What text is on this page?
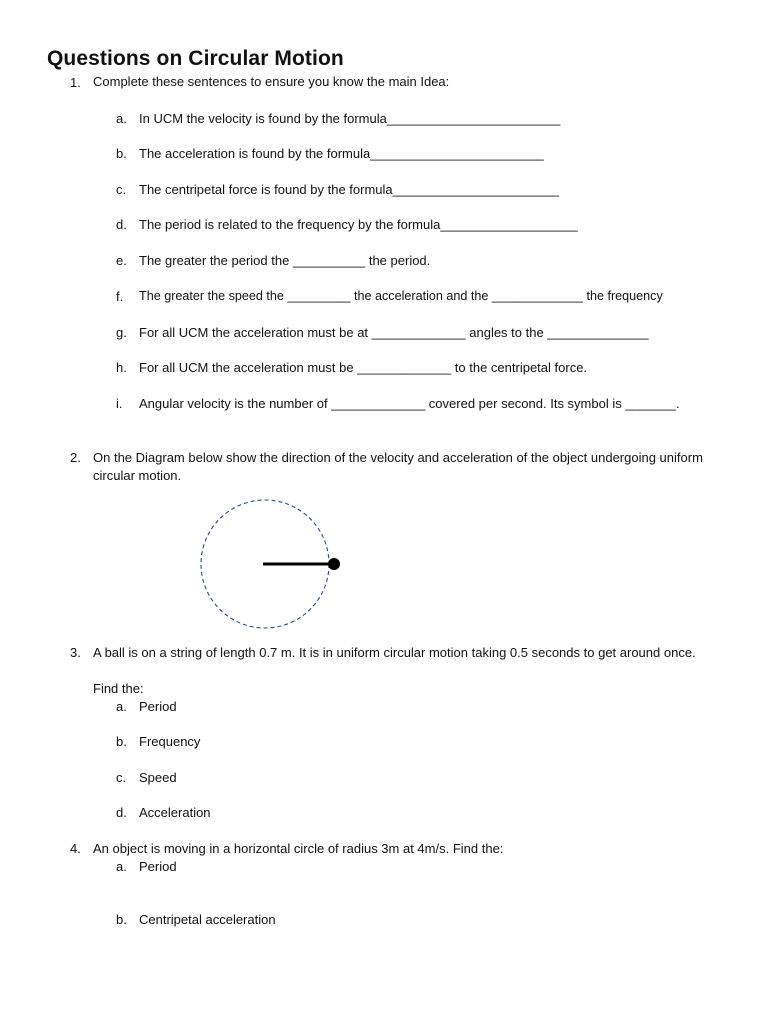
Questions on Circular Motion
1. Complete these sentences to ensure you know the main Idea:
a. In UCM the velocity is found by the formula________________________
b. The acceleration is found by the formula________________________
c. The centripetal force is found by the formula_______________________
d. The period is related to the frequency by the formula___________________
e. The greater the period the __________ the period.
f. The greater the speed the _________ the acceleration and the _____________ the frequency
g. For all UCM the acceleration must be at _____________ angles to the ______________
h. For all UCM the acceleration must be _____________ to the centripetal force.
i. Angular velocity is the number of _____________ covered per second. Its symbol is _______.
2. On the Diagram below show the direction of the velocity and acceleration of the object undergoing uniform circular motion.
3. A ball is on a string of length 0.7 m. It is in uniform circular motion taking 0.5 seconds to get around once.
Find the:
a. Period
b. Frequency
c. Speed
d. Acceleration
4. An object is moving in a horizontal circle of radius 3m at 4m/s. Find the:
a. Period
b. Centripetal acceleration
